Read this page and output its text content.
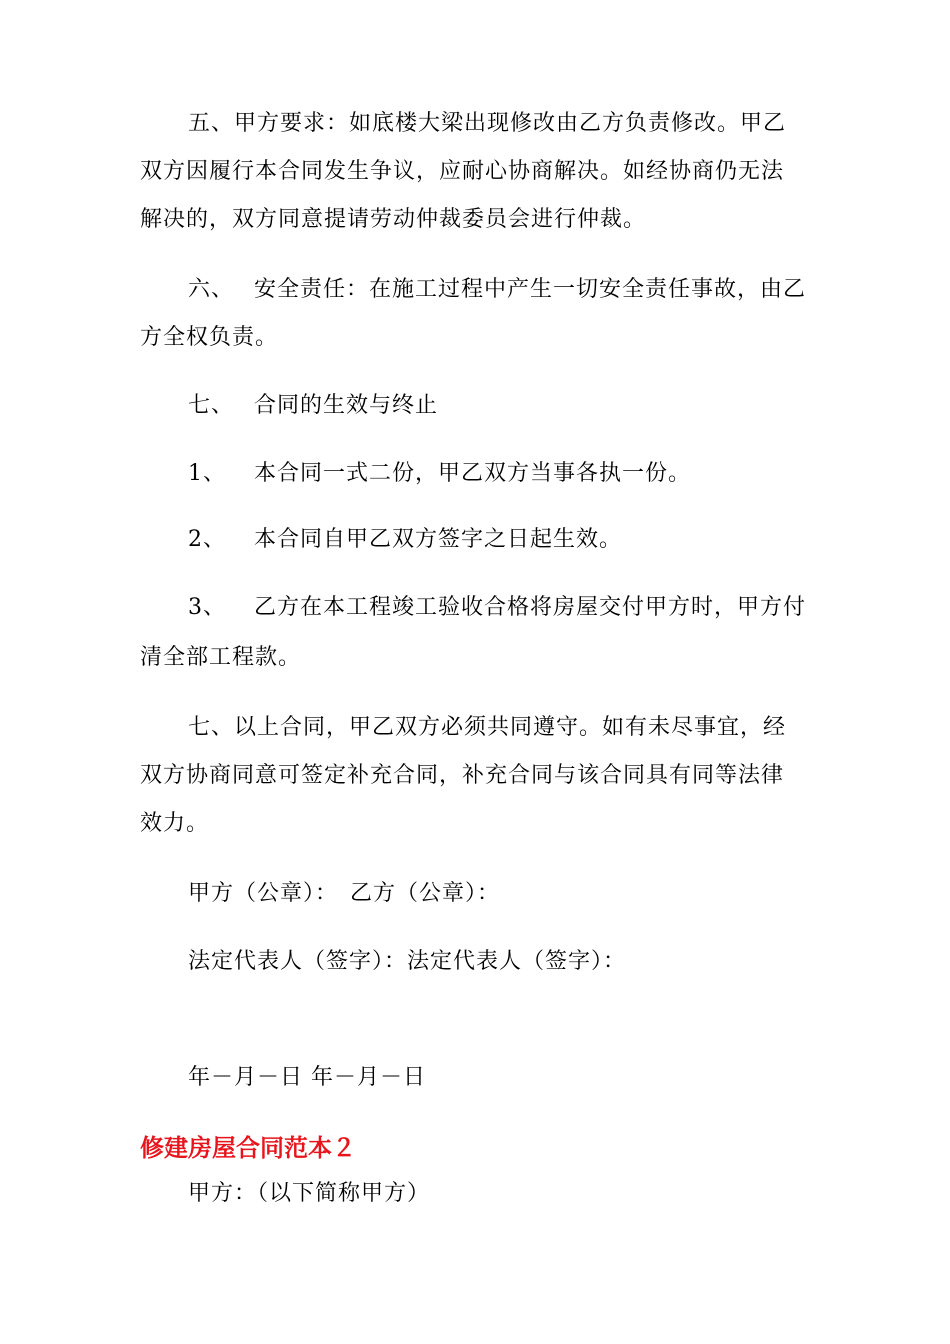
五、甲方要求：如底楼大梁出现修改由乙方负责修改。甲乙
双方因履行本合同发生争议，应耐心协商解决。如经协商仍无法
解决的，双方同意提请劳动仲裁委员会进行仲裁。
六、 安全责任：在施工过程中产生一切安全责任事故，由乙
方全权负责。
七、 合同的生效与终止
1、 本合同一式二份，甲乙双方当事各执一份。
2、 本合同自甲乙双方签字之日起生效。
3、 乙方在本工程竣工验收合格将房屋交付甲方时，甲方付
清全部工程款。
七、以上合同，甲乙双方必须共同遵守。如有未尽事宜，经
双方协商同意可签定补充合同，补充合同与该合同具有同等法律
效力。
甲方（公章）：　乙方（公章）：
法定代表人（签字）：法定代表人（签字）：
年－月－日 年－月－日
修建房屋合同范本２
甲方：（以下简称甲方）
